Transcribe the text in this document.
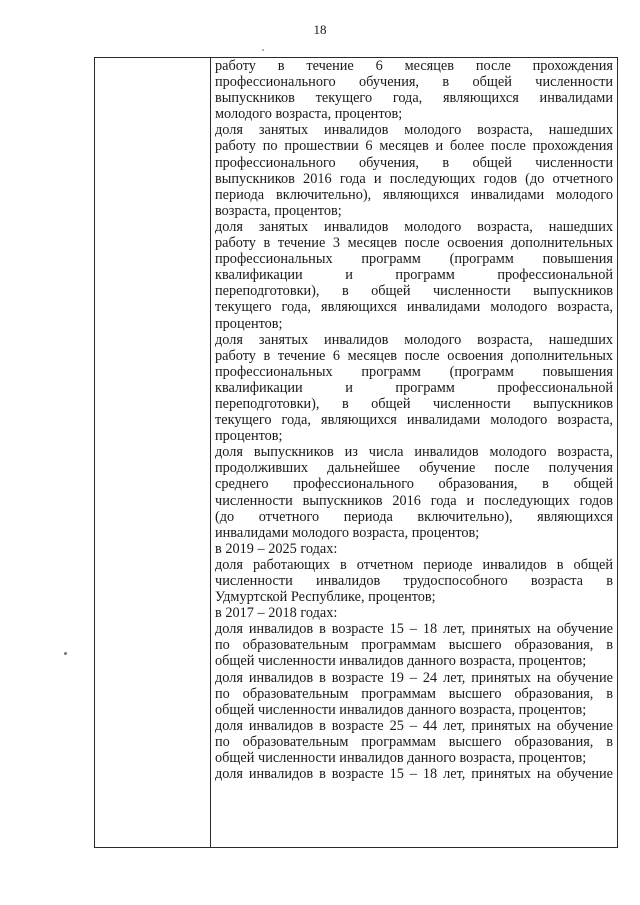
18

работу в течение 6 месяцев после прохождения
профессионального обучения, в общей численности
выпускников текущего года, являющихся инвалидами
молодого возраста, процентов;

доля занятых инвалидов молодого возраста, нашедших
работу по прошествии 6 месяцев и более после прохождения
профессионального обучения, в общей численности
выпускников 2016 года и последующих годов (до отчетного
периода включительно), являющихся инвалидами молодого
возраста, процентов;

доля занятых инвалидов молодого возраста, нашедших
работу в течение 3 месяцев после освоения дополнительных
профессиональных программ (программ повышения
квалификации и программ профессиональной
переподготовки), в общей численности выпускников
текущего года, являющихся инвалидами молодого возраста,
процентов;

доля занятых инвалидов молодого возраста, нашедших
работу в течение 6 месяцев после освоения дополнительных
профессиональных программ (программ повышения
квалификации и программ профессиональной
переподготовки), в общей численности выпускников
текущего года, являющихся инвалидами молодого возраста,
процентов;

доля выпускников из числа инвалидов молодого возраста,
продолживших дальнейшее обучение после получения
среднего профессионального образования, в общей
численности выпускников 2016 года и последующих годов
(до отчетного периода включительно), являющихся
инвалидами молодого возраста, процентов;

в 2019 – 2025 годах:

доля работающих в отчетном периоде инвалидов в общей
численности инвалидов трудоспособного возраста в
Удмуртской Республике, процентов;

в 2017 – 2018 годах:

доля инвалидов в возрасте 15 – 18 лет, принятых на обучение
по образовательным программам высшего образования, в
общей численности инвалидов данного возраста, процентов;

доля инвалидов в возрасте 19 – 24 лет, принятых на обучение
по образовательным программам высшего образования, в
общей численности инвалидов данного возраста, процентов;

доля инвалидов в возрасте 25 – 44 лет, принятых на обучение
по образовательным программам высшего образования, в
общей численности инвалидов данного возраста, процентов;

доля инвалидов в возрасте 15 – 18 лет, принятых на обучение
